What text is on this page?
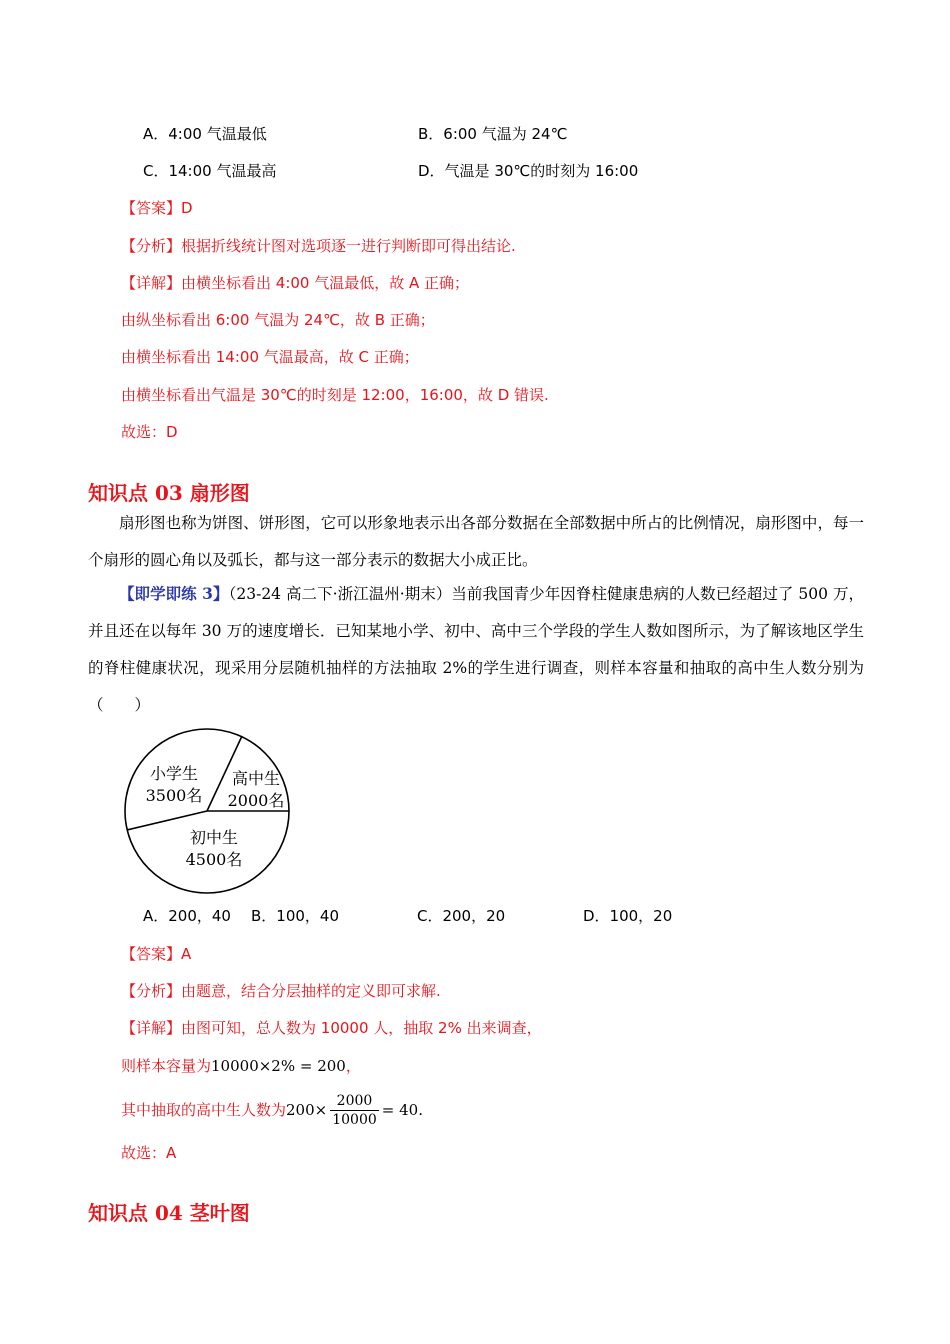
A．4:00 气温最低	B．6:00 气温为 24℃
C．14:00 气温最高	D．气温是 30℃的时刻为 16:00
【答案】D
【分析】根据折线统计图对选项逐一进行判断即可得出结论.
【详解】由横坐标看出 4:00 气温最低，故 A 正确；
由纵坐标看出 6:00 气温为 24℃，故 B 正确；
由横坐标看出 14:00 气温最高，故 C 正确；
由横坐标看出气温是 30℃的时刻是 12:00，16:00，故 D 错误.
故选：D
知识点 03 扇形图
扇形图也称为饼图、饼形图，它可以形象地表示出各部分数据在全部数据中所占的比例情况，扇形图中，每一个扇形的圆心角以及弧长，都与这一部分表示的数据大小成正比。
【即学即练 3】（23-24 高二下·浙江温州·期末）当前我国青少年因脊柱健康患病的人数已经超过了 500 万，并且还在以每年 30 万的速度增长．已知某地小学、初中、高中三个学段的学生人数如图所示，为了解该地区学生的脊柱健康状况，现采用分层随机抽样的方法抽取 2%的学生进行调查，则样本容量和抽取的高中生人数分别为（　　）
小学生
3500名
高中生
2000名
初中生
4500名
A．200，40 B．100，40	C．200，20	D．100，20
【答案】A
【分析】由题意，结合分层抽样的定义即可求解.
【详解】由图可知，总人数为 10000 人，抽取 2% 出来调查，
则样本容量为10000×2% = 200，
其中抽取的高中生人数为$200\times \frac{2000}{10000} = 40$.
故选：A
知识点 04 茎叶图
